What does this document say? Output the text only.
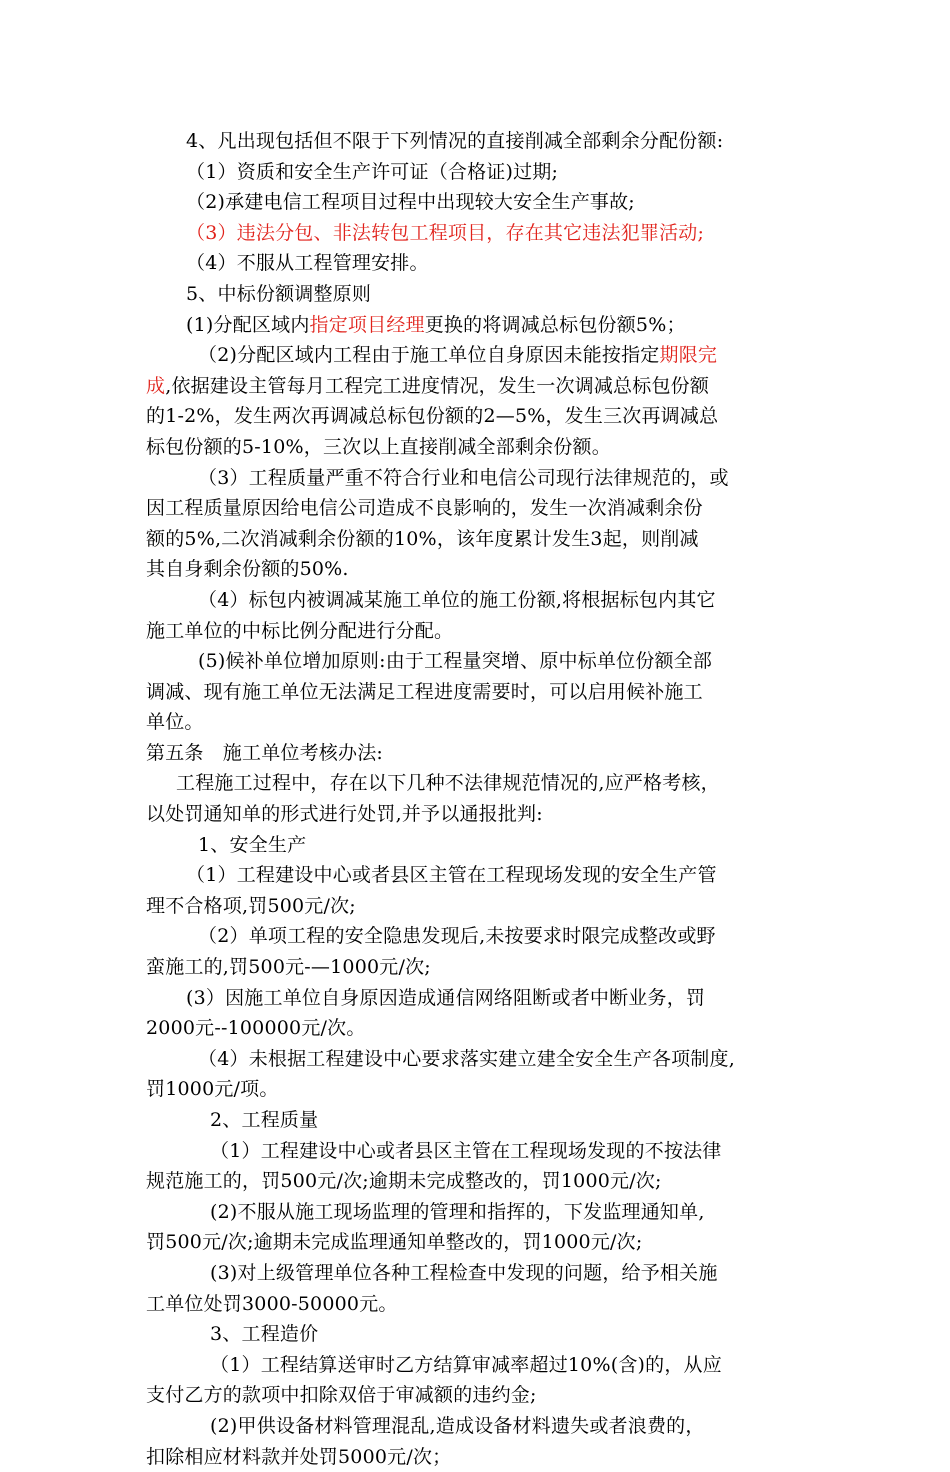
4、凡出现包括但不限于下列情况的直接削减全部剩余分配份额:
（1）资质和安全生产许可证（合格证)过期;
（2)承建电信工程项目过程中出现较大安全生产事故;
（3）违法分包、非法转包工程项目，存在其它违法犯罪活动;
（4）不服从工程管理安排。
5、中标份额调整原则
(1)分配区域内指定项目经理更换的将调减总标包份额5%；
（2)分配区域内工程由于施工单位自身原因未能按指定期限完
成,依据建设主管每月工程完工进度情况，发生一次调减总标包份额
的1-2%，发生两次再调减总标包份额的2—5%，发生三次再调减总
标包份额的5-10%，三次以上直接削减全部剩余份额。
（3）工程质量严重不符合行业和电信公司现行法律规范的，或
因工程质量原因给电信公司造成不良影响的，发生一次消减剩余份
额的5%,二次消减剩余份额的10%，该年度累计发生3起，则削减
其自身剩余份额的50%.
（4）标包内被调减某施工单位的施工份额,将根据标包内其它
施工单位的中标比例分配进行分配。
(5)候补单位增加原则:由于工程量突增、原中标单位份额全部
调减、现有施工单位无法满足工程进度需要时，可以启用候补施工
单位。
第五条　施工单位考核办法:
工程施工过程中，存在以下几种不法律规范情况的,应严格考核，
以处罚通知单的形式进行处罚,并予以通报批判:
1、安全生产
（1）工程建设中心或者县区主管在工程现场发现的安全生产管
理不合格项,罚500元/次;
（2）单项工程的安全隐患发现后,未按要求时限完成整改或野
蛮施工的,罚500元-—1000元/次;
(3）因施工单位自身原因造成通信网络阻断或者中断业务，罚
2000元--100000元/次。
（4）未根据工程建设中心要求落实建立建全安全生产各项制度,
罚1000元/项。
2、工程质量
（1）工程建设中心或者县区主管在工程现场发现的不按法律
规范施工的，罚500元/次;逾期未完成整改的，罚1000元/次;
(2)不服从施工现场监理的管理和指挥的，下发监理通知单,
罚500元/次;逾期未完成监理通知单整改的，罚1000元/次;
(3)对上级管理单位各种工程检查中发现的问题，给予相关施
工单位处罚3000-50000元。
3、工程造价
（1）工程结算送审时乙方结算审减率超过10%(含)的，从应
支付乙方的款项中扣除双倍于审减额的违约金;
(2)甲供设备材料管理混乱,造成设备材料遗失或者浪费的，
扣除相应材料款并处罚5000元/次；
